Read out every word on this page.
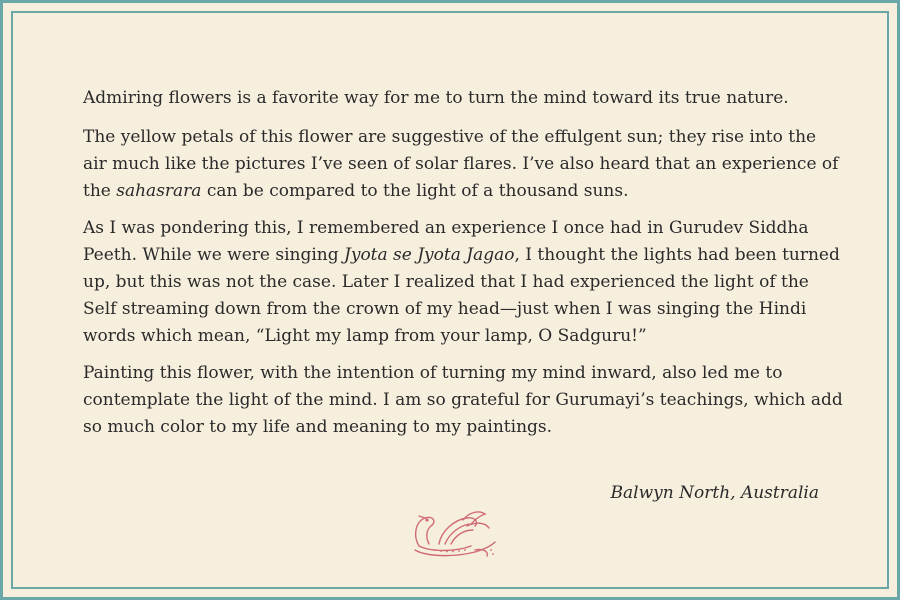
Admiring flowers is a favorite way for me to turn the mind toward its true nature.

The yellow petals of this flower are suggestive of the effulgent sun; they rise into the air much like the pictures I’ve seen of solar flares. I’ve also heard that an experience of the sahasrara can be compared to the light of a thousand suns.

As I was pondering this, I remembered an experience I once had in Gurudev Siddha Peeth. While we were singing Jyota se Jyota Jagao, I thought the lights had been turned up, but this was not the case. Later I realized that I had experienced the light of the Self streaming down from the crown of my head—just when I was singing the Hindi words which mean, “Light my lamp from your lamp, O Sadguru!”

Painting this flower, with the intention of turning my mind inward, also led me to contemplate the light of the mind. I am so grateful for Gurumayi’s teachings, which add so much color to my life and meaning to my paintings.

Balwyn North, Australia
